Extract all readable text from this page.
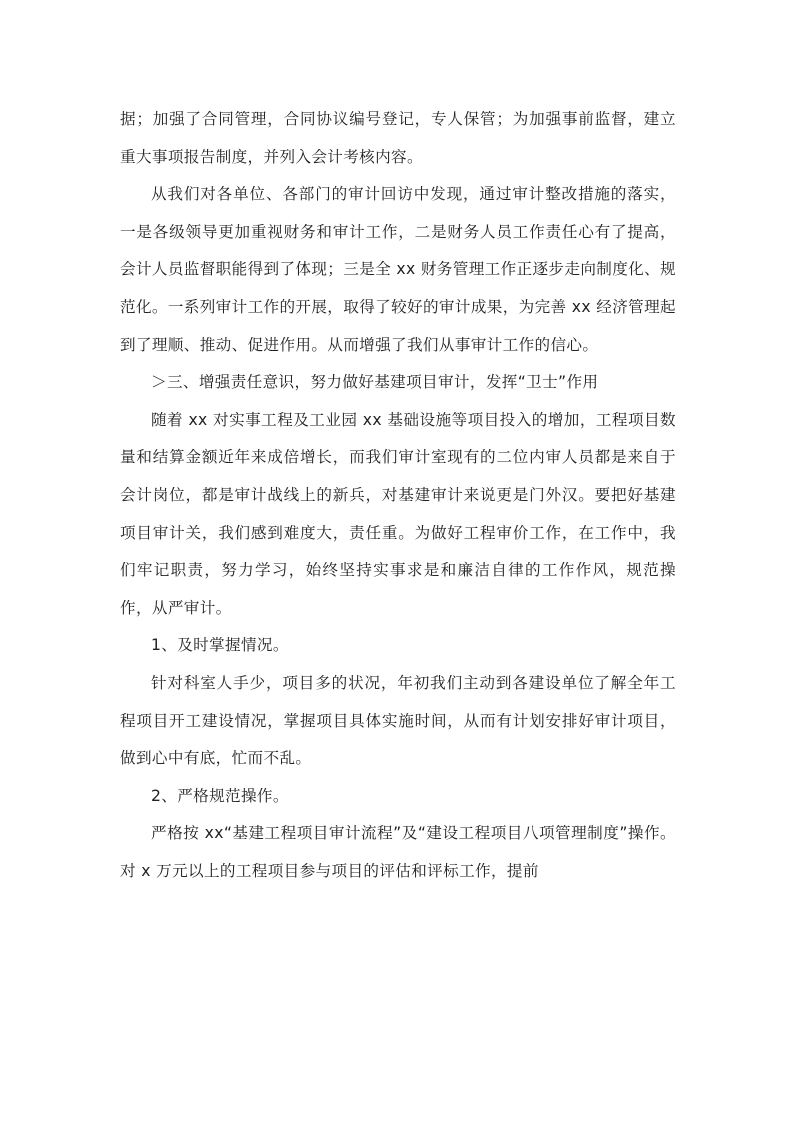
据；加强了合同管理，合同协议编号登记，专人保管；为加强事前监督，建立重大事项报告制度，并列入会计考核内容。

从我们对各单位、各部门的审计回访中发现，通过审计整改措施的落实，一是各级领导更加重视财务和审计工作，二是财务人员工作责任心有了提高，会计人员监督职能得到了体现；三是全 xx 财务管理工作正逐步走向制度化、规范化。一系列审计工作的开展，取得了较好的审计成果，为完善 xx 经济管理起到了理顺、推动、促进作用。从而增强了我们从事审计工作的信心。

＞三、增强责任意识，努力做好基建项目审计，发挥“卫士”作用

随着 xx 对实事工程及工业园 xx 基础设施等项目投入的增加，工程项目数量和结算金额近年来成倍增长，而我们审计室现有的二位内审人员都是来自于会计岗位，都是审计战线上的新兵，对基建审计来说更是门外汉。要把好基建项目审计关，我们感到难度大，责任重。为做好工程审价工作，在工作中，我们牢记职责，努力学习，始终坚持实事求是和廉洁自律的工作作风，规范操作，从严审计。

1、及时掌握情况。

针对科室人手少，项目多的状况，年初我们主动到各建设单位了解全年工程项目开工建设情况，掌握项目具体实施时间，从而有计划安排好审计项目，做到心中有底，忙而不乱。

2、严格规范操作。

严格按 xx“基建工程项目审计流程”及“建设工程项目八项管理制度”操作。对 x 万元以上的工程项目参与项目的评估和评标工作，提前
